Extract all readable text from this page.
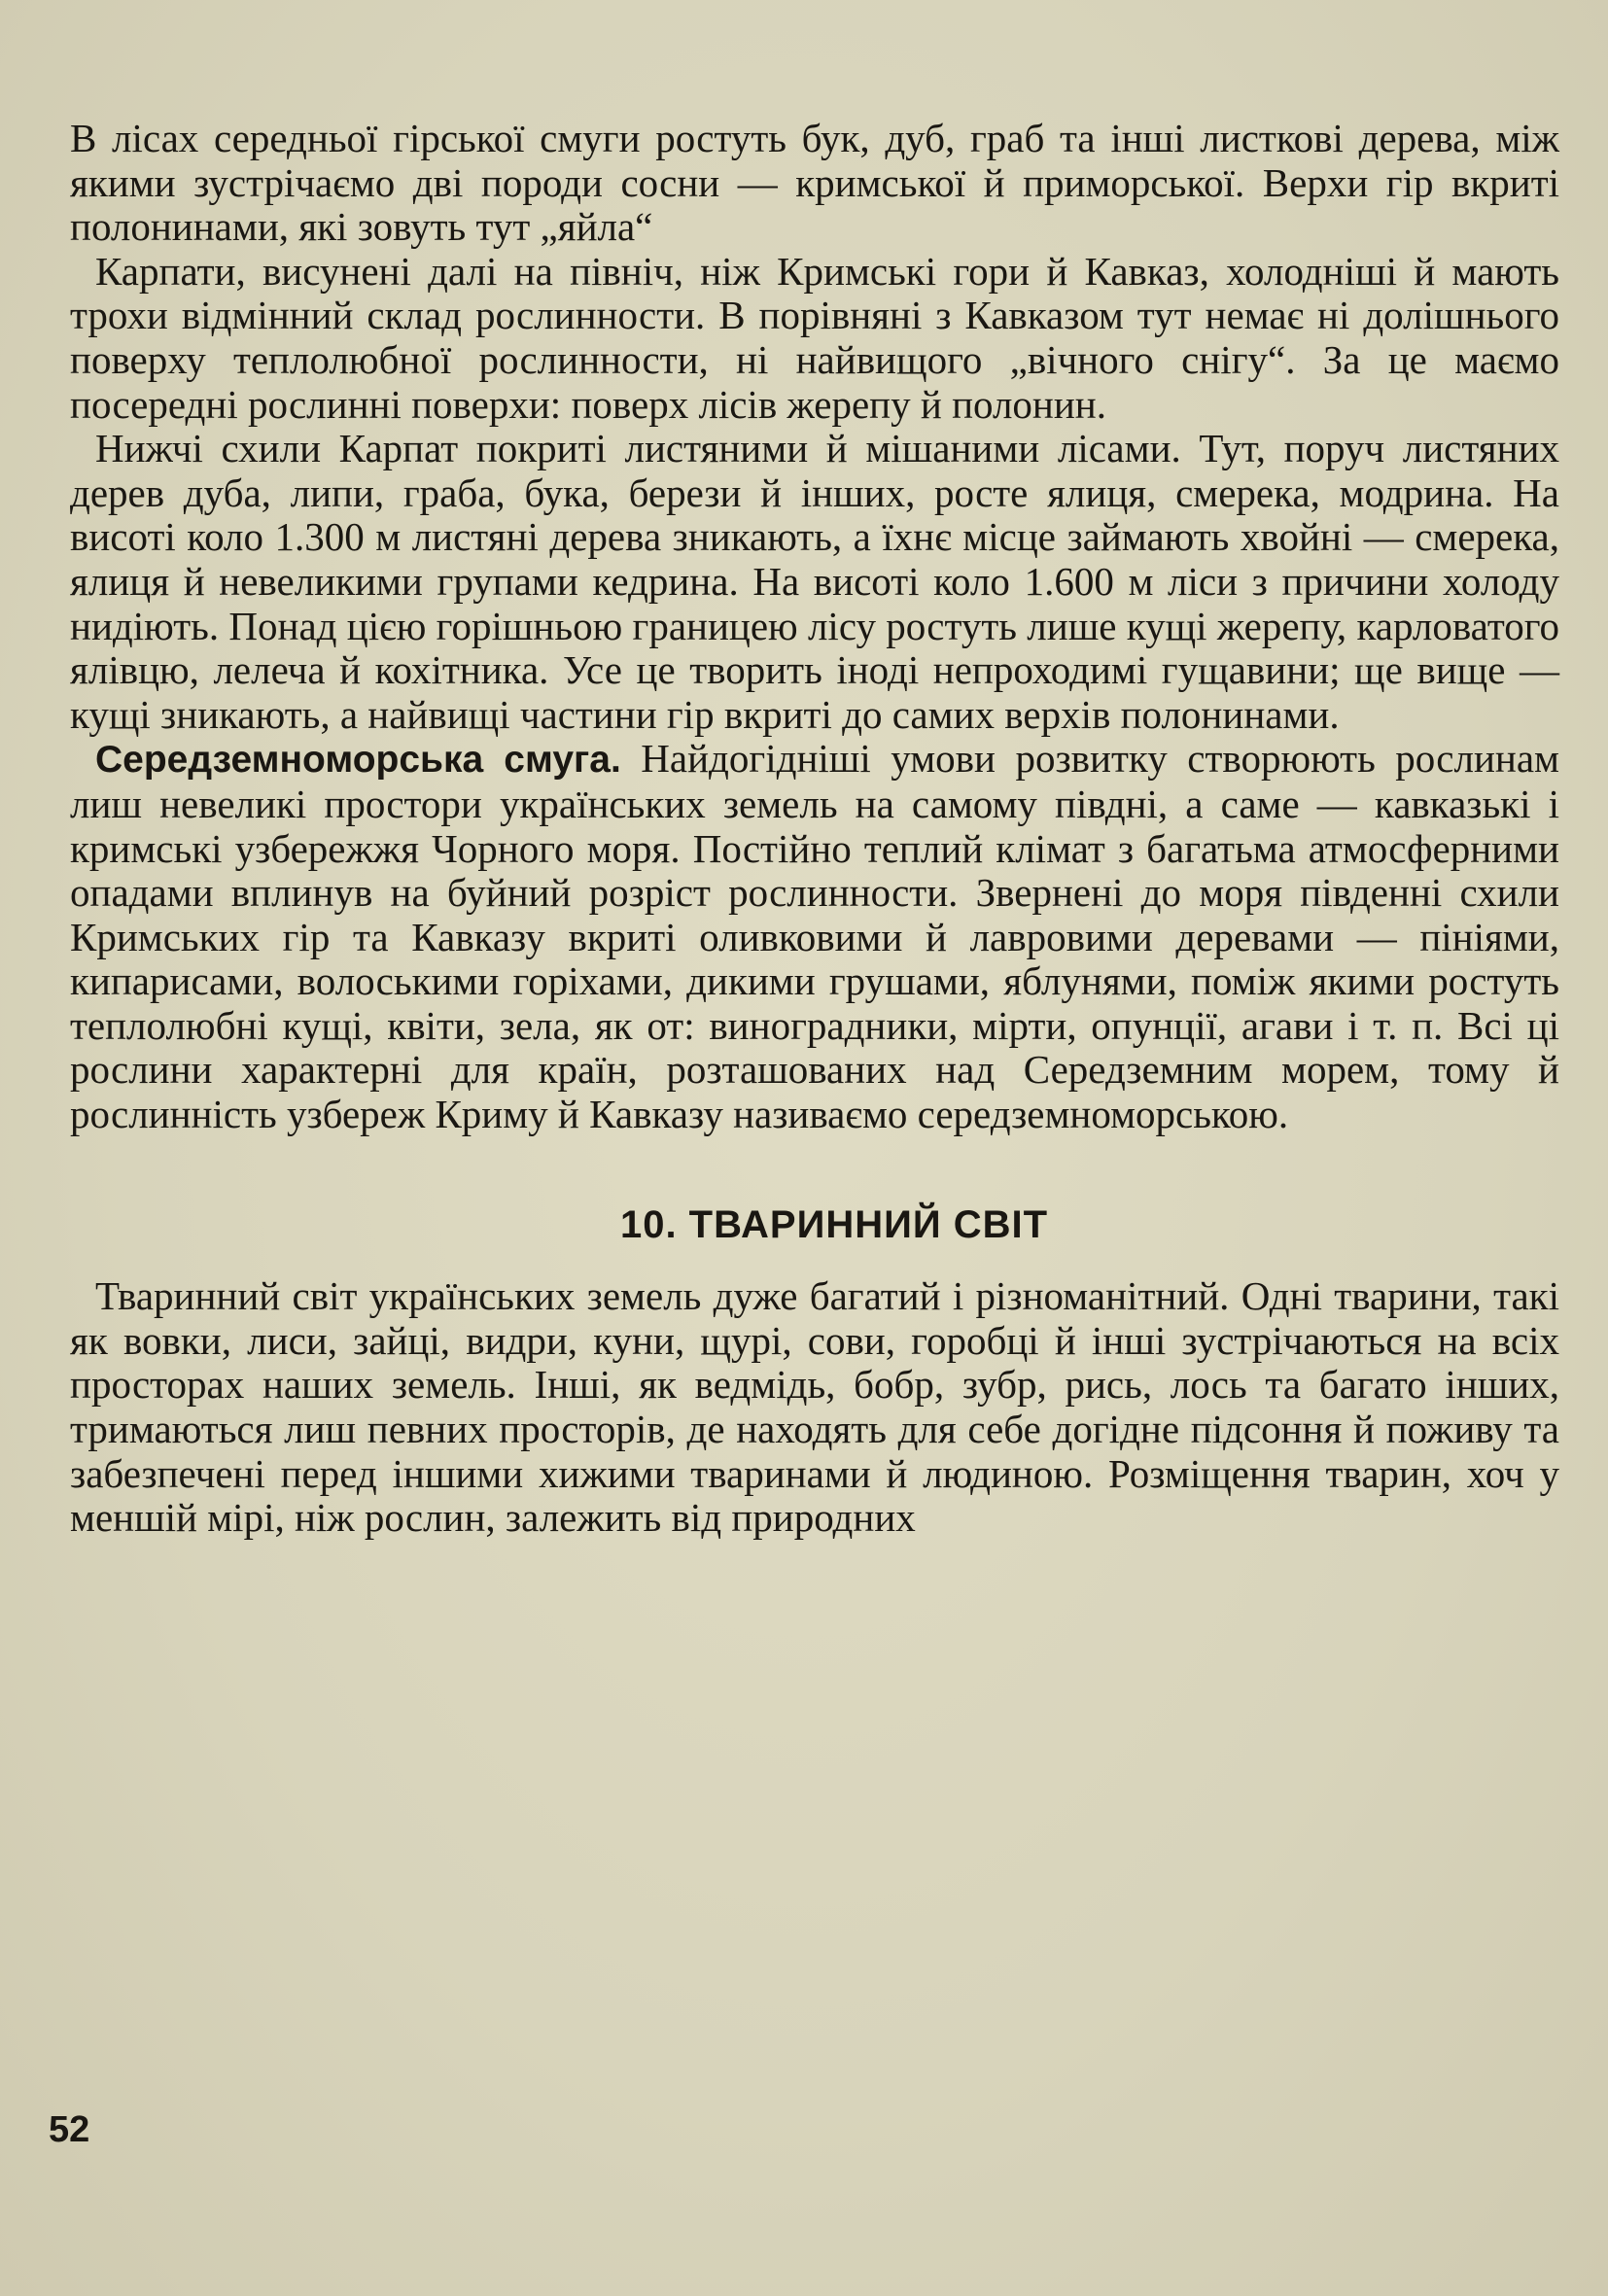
В лісах середньої гірської смуги ростуть бук, дуб, граб та інші листкові дерева, між якими зустрічаємо дві породи сосни — кримської й приморської. Верхи гір вкриті полонинами, які зовуть тут „яйла“

Карпати, висунені далі на північ, ніж Кримські гори й Кавказ, холодніші й мають трохи відмінний склад рослинности. В порівняні з Кавказом тут немає ні долішнього поверху теплолюбної рослинности, ні найвищого „вічного снігу“. За це маємо посередні рослинні поверхи: поверх лісів жерепу й полонин.

Нижчі схили Карпат покриті листяними й мішаними лісами. Тут, поруч листяних дерев дуба, липи, граба, бука, берези й інших, росте ялиця, смерека, модрина. На висоті коло 1.300 м листяні дерева зникають, а їхнє місце займають хвойні — смерека, ялиця й невеликими групами кедрина. На висоті коло 1.600 м ліси з причини холоду нидіють. Понад цією горішньою границею лісу ростуть лише кущі жерепу, карловатого ялівцю, лелеча й кохітника. Усе це творить іноді непроходимі гущавини; ще вище — кущі зникають, а найвищі частини гір вкриті до самих верхів полонинами.

Середземноморська смуга. Найдогідніші умови розвитку створюють рослинам лиш невеликі простори українських земель на самому півдні, а саме — кавказькі і кримські узбережжя Чорного моря. Постійно теплий клімат з багатьма атмосферними опадами вплинув на буйний розріст рослинности. Звернені до моря південні схили Кримських гір та Кавказу вкриті оливковими й лавровими деревами — пініями, кипарисами, волоськими горіхами, дикими грушами, яблунями, поміж якими ростуть теплолюбні кущі, квіти, зела, як от: виноградники, мірти, опунції, агави і т. п. Всі ці рослини характерні для країн, розташованих над Середземним морем, тому й рослинність узбереж Криму й Кавказу називаємо середземноморською.

10. ТВАРИННИЙ СВІТ

Тваринний світ українських земель дуже багатий і різноманітний. Одні тварини, такі як вовки, лиси, зайці, видри, куни, щурі, сови, горобці й інші зустрічаються на всіх просторах наших земель. Інші, як ведмідь, бобр, зубр, рись, лось та багато інших, тримаються лиш певних просторів, де находять для себе догідне підсоння й поживу та забезпечені перед іншими хижими тваринами й людиною. Розміщення тварин, хоч у меншій мірі, ніж рослин, залежить від природних

52
